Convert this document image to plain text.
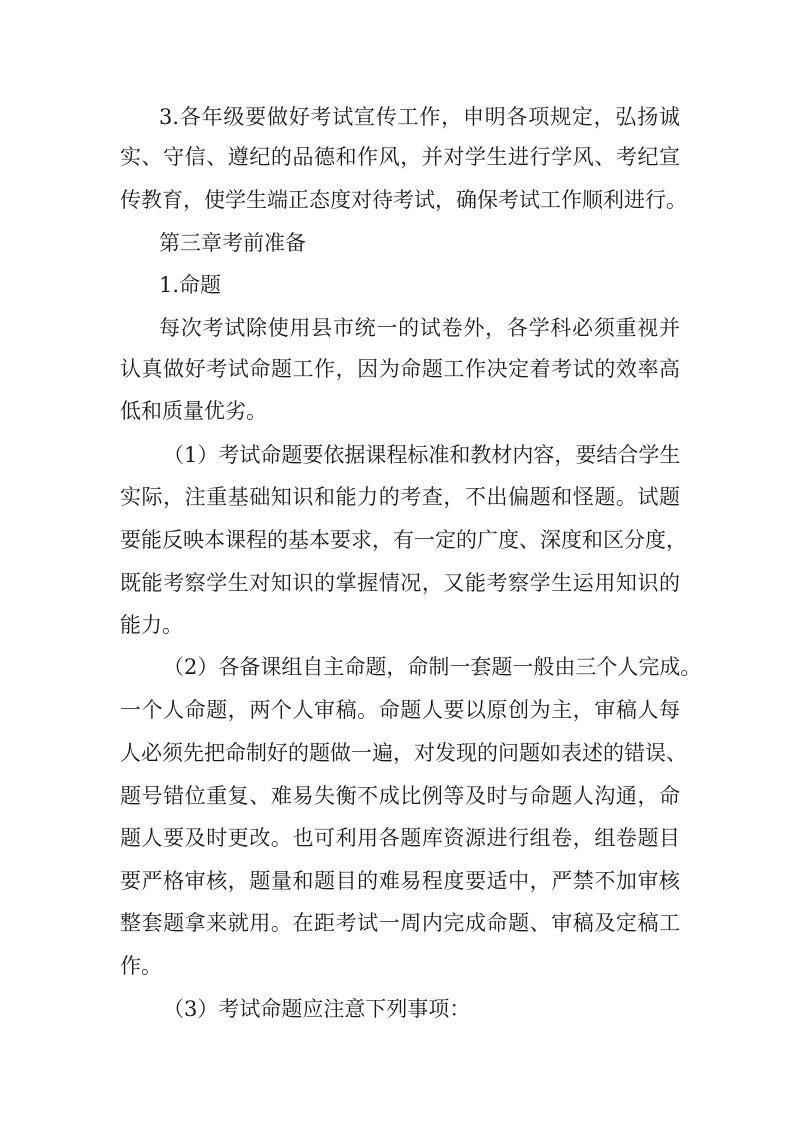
3.各年级要做好考试宣传工作，申明各项规定，弘扬诚
实、守信、遵纪的品德和作风，并对学生进行学风、考纪宣
传教育，使学生端正态度对待考试，确保考试工作顺利进行。
第三章考前准备
1.命题
每次考试除使用县市统一的试卷外，各学科必须重视并
认真做好考试命题工作，因为命题工作决定着考试的效率高
低和质量优劣。
（1）考试命题要依据课程标准和教材内容，要结合学生
实际，注重基础知识和能力的考查，不出偏题和怪题。试题
要能反映本课程的基本要求，有一定的广度、深度和区分度，
既能考察学生对知识的掌握情况，又能考察学生运用知识的
能力。
（2）各备课组自主命题，命制一套题一般由三个人完成。
一个人命题，两个人审稿。命题人要以原创为主，审稿人每
人必须先把命制好的题做一遍，对发现的问题如表述的错误、
题号错位重复、难易失衡不成比例等及时与命题人沟通，命
题人要及时更改。也可利用各题库资源进行组卷，组卷题目
要严格审核，题量和题目的难易程度要适中，严禁不加审核
整套题拿来就用。在距考试一周内完成命题、审稿及定稿工
作。
（3）考试命题应注意下列事项：
